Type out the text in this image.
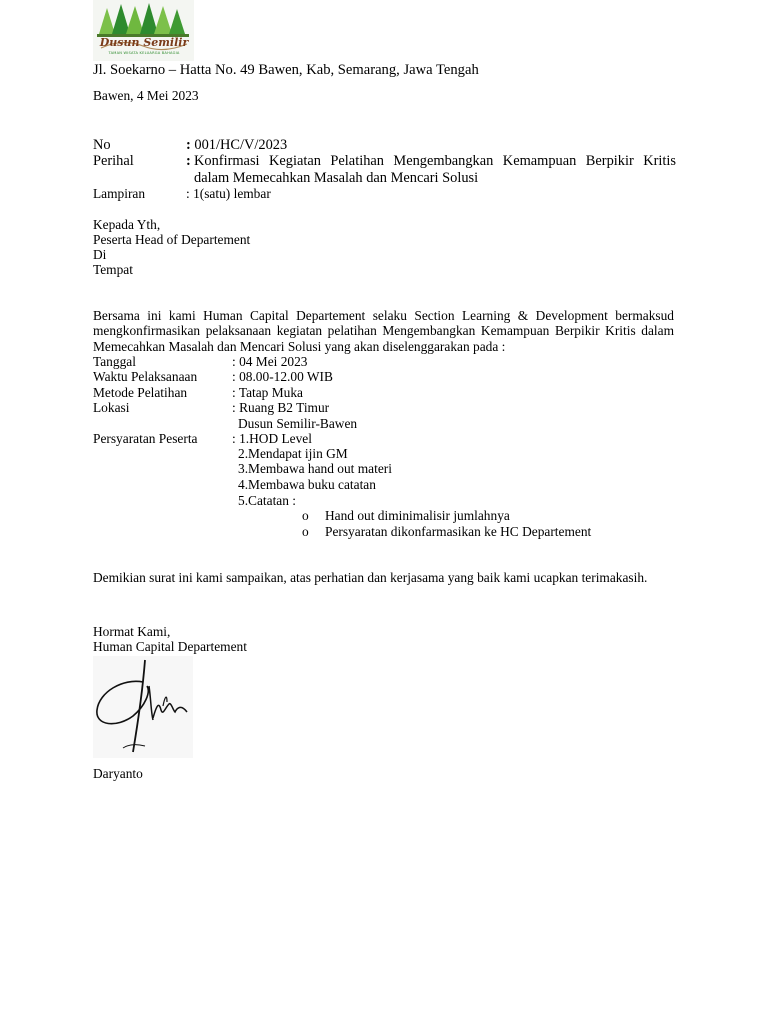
Dusun Semilir
TAMAN WISATA KELUARGA BAHAGIA
Jl. Soekarno – Hatta No. 49 Bawen, Kab, Semarang, Jawa Tengah
Bawen, 4 Mei 2023
No	: 001/HC/V/2023
Perihal	: Konfirmasi Kegiatan Pelatihan Mengembangkan Kemampuan Berpikir Kritis dalam Memecahkan Masalah dan Mencari Solusi
Lampiran	: 1(satu) lembar
Kepada Yth,
Peserta Head of Departement
Di
Tempat
Bersama ini kami Human Capital Departement selaku Section Learning & Development bermaksud mengkonfirmasikan pelaksanaan kegiatan pelatihan Mengembangkan Kemampuan Berpikir Kritis dalam Memecahkan Masalah dan Mencari Solusi yang akan diselenggarakan pada :
Tanggal	: 04 Mei 2023
Waktu Pelaksanaan	: 08.00-12.00 WIB
Metode Pelatihan	: Tatap Muka
Lokasi	: Ruang B2 Timur
Dusun Semilir-Bawen
Persyaratan Peserta	: 1.HOD Level
2.Mendapat ijin GM
3.Membawa hand out materi
4.Membawa buku catatan
5.Catatan :
o Hand out diminimalisir jumlahnya
o Persyaratan dikonfarmasikan ke HC Departement
Demikian surat ini kami sampaikan, atas perhatian dan kerjasama yang baik kami ucapkan terimakasih.
Hormat Kami,
Human Capital Departement
Daryanto
